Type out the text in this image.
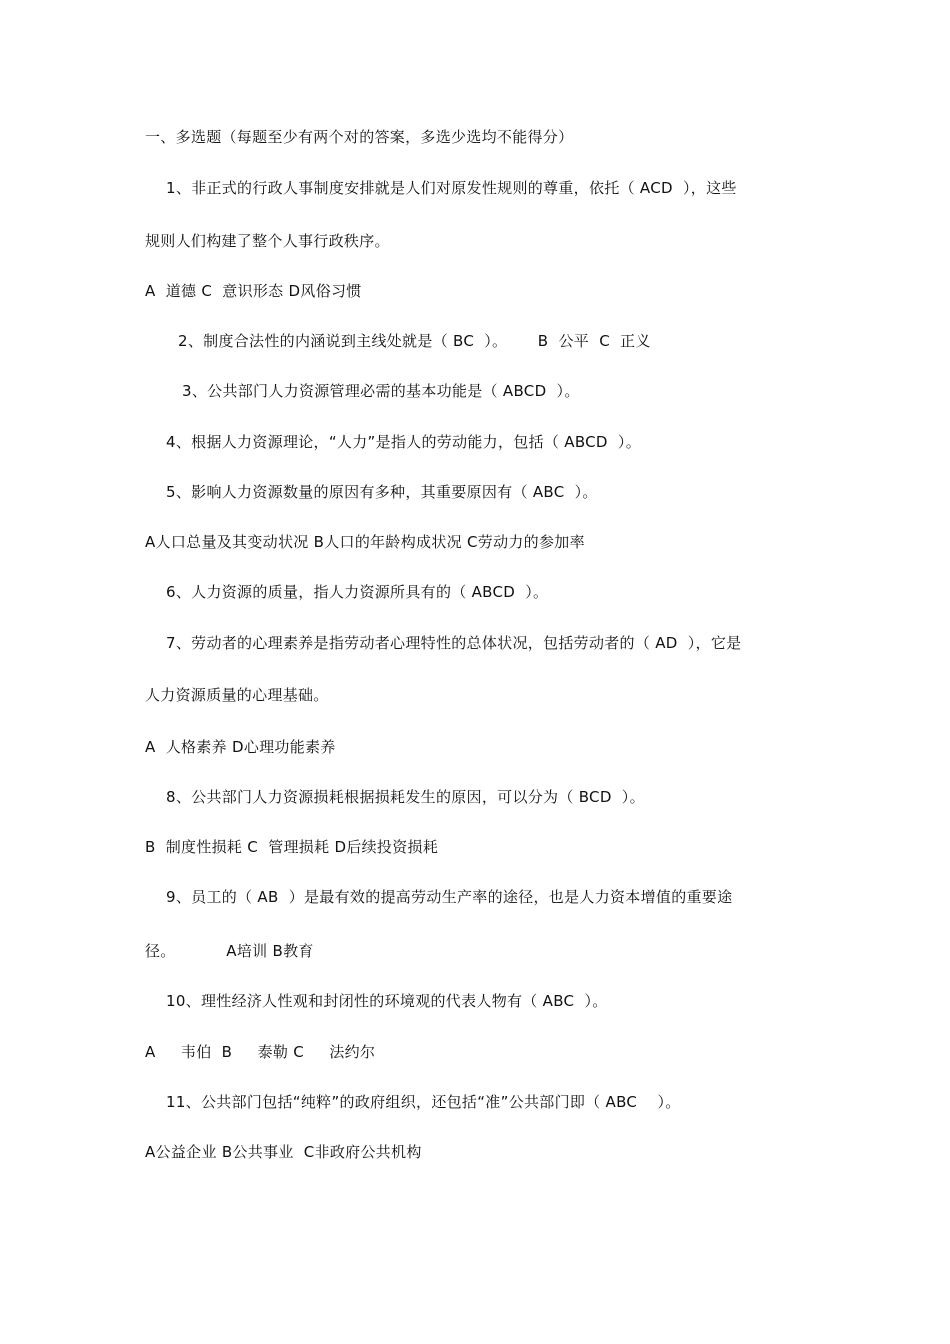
一、多选题（每题至少有两个对的答案，多选少选均不能得分）
1、非正式的行政人事制度安排就是人们对原发性规则的尊重，依托（ ACD  ），这些
规则人们构建了整个人事行政秩序。
A  道德 C  意识形态 D风俗习惯
2、制度合法性的内涵说到主线处就是（ BC  ）。      B  公平  C  正义
3、公共部门人力资源管理必需的基本功能是（ ABCD  ）。
4、根据人力资源理论，“人力”是指人的劳动能力，包括（ ABCD  ）。
5、影响人力资源数量的原因有多种，其重要原因有（ ABC  ）。
A人口总量及其变动状况 B人口的年龄构成状况 C劳动力的参加率
6、人力资源的质量，指人力资源所具有的（ ABCD  ）。
7、劳动者的心理素养是指劳动者心理特性的总体状况，包括劳动者的（ AD  ），它是
人力资源质量的心理基础。
A  人格素养 D心理功能素养
8、公共部门人力资源损耗根据损耗发生的原因，可以分为（ BCD  ）。
B  制度性损耗 C  管理损耗 D后续投资损耗
9、员工的（ AB  ）是最有效的提高劳动生产率的途径，也是人力资本增值的重要途
径。          A培训 B教育
10、理性经济人性观和封闭性的环境观的代表人物有（ ABC  ）。
A     韦伯  B     泰勒 C     法约尔
11、公共部门包括“纯粹”的政府组织，还包括“准”公共部门即（ ABC    ）。
A公益企业 B公共事业  C非政府公共机构
